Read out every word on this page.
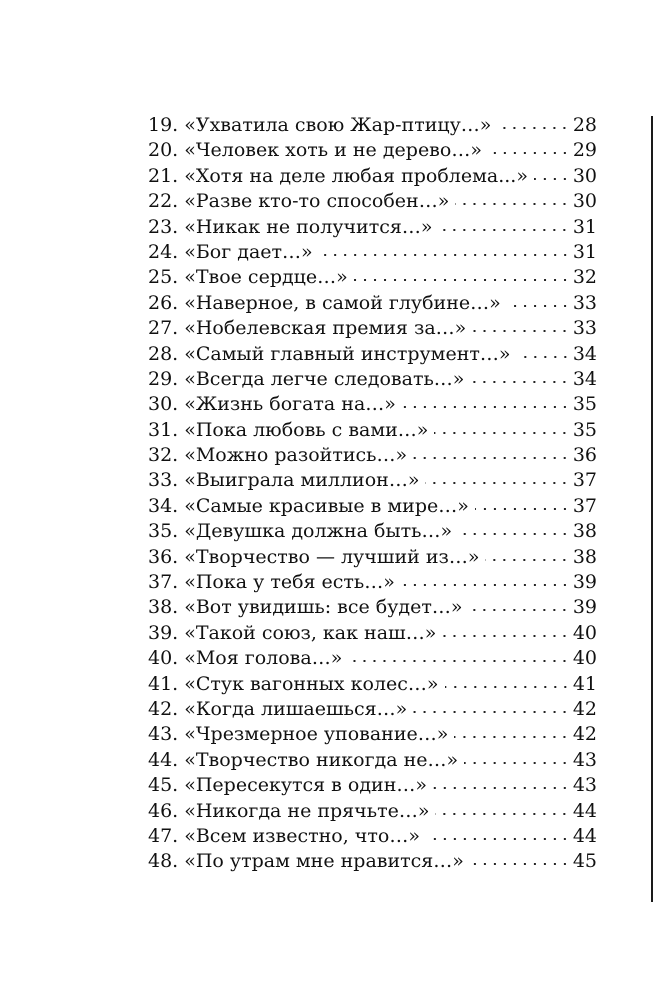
19. «Ухватила свою Жар-птицу…»	28
20. «Человек хоть и не дерево…»	29
21. «Хотя на деле любая проблема...» 30
22. «Разве кто-то способен…»	30
23. «Никак не получится…»	31
24. «Бог дает…»	31
25. «Твое сердце…»	32
26. «Наверное, в самой глубине…»	33
27. «Нобелевская премия за…»	33
28. «Самый главный инструмент…»	34
29. «Всегда легче следовать…»	34
30. «Жизнь богата на…»	35
31. «Пока любовь с вами…»	35
32. «Можно разойтись…»	36
33. «Выиграла миллион…»	37
34. «Самые красивые в мире…»	37
35. «Девушка должна быть…»	38
36. «Творчество — лучший из…»	38
37. «Пока у тебя есть…»	39
38. «Вот увидишь: все будет…»	39
39. «Такой союз, как наш…»	40
40. «Моя голова…»	40
41. «Стук вагонных колес…»	41
42. «Когда лишаешься…»	42
43. «Чрезмерное упование…»	42
44. «Творчество никогда не…»	43
45. «Пересекутся в один…»	43
46. «Никогда не прячьте…»	44
47. «Всем известно, что…»	44
48. «По утрам мне нравится…»	45
